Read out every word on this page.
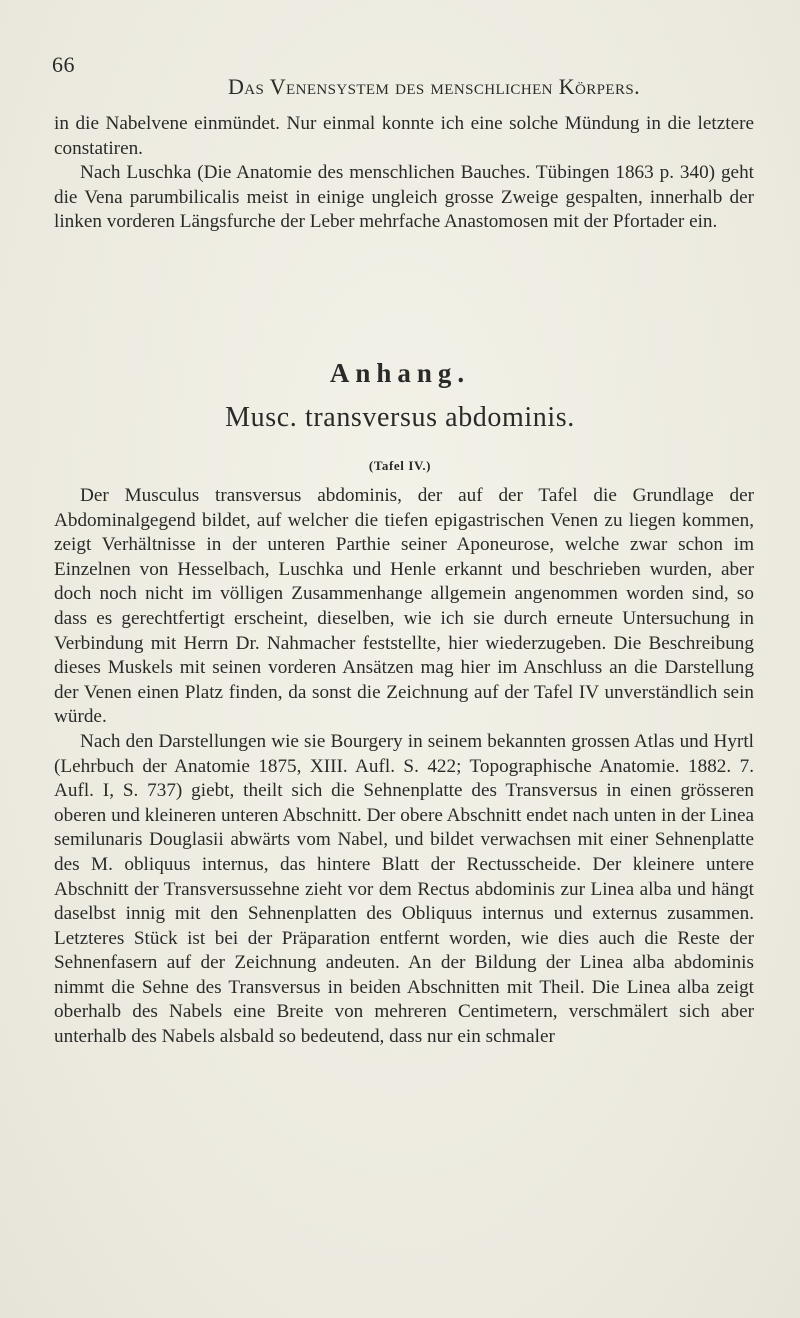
66
Das Venensystem des menschlichen Körpers.

in die Nabelvene einmündet. Nur einmal konnte ich eine solche Mündung in die letztere constatiren.

Nach Luschka (Die Anatomie des menschlichen Bauches. Tübingen 1863 p. 340) geht die Vena parumbilicalis meist in einige ungleich grosse Zweige gespalten, innerhalb der linken vorderen Längsfurche der Leber mehrfache Anastomosen mit der Pfortader ein.

Anhang.
Musc. transversus abdominis.
(Tafel IV.)

Der Musculus transversus abdominis, der auf der Tafel die Grundlage der Abdominalgegend bildet, auf welcher die tiefen epigastrischen Venen zu liegen kommen, zeigt Verhältnisse in der unteren Parthie seiner Aponeurose, welche zwar schon im Einzelnen von Hesselbach, Luschka und Henle erkannt und beschrieben wurden, aber doch noch nicht im völligen Zusammenhange allgemein angenommen worden sind, so dass es gerechtfertigt erscheint, dieselben, wie ich sie durch erneute Untersuchung in Verbindung mit Herrn Dr. Nahmacher feststellte, hier wiederzugeben. Die Beschreibung dieses Muskels mit seinen vorderen Ansätzen mag hier im Anschluss an die Darstellung der Venen einen Platz finden, da sonst die Zeichnung auf der Tafel IV unverständlich sein würde.

Nach den Darstellungen wie sie Bourgery in seinem bekannten grossen Atlas und Hyrtl (Lehrbuch der Anatomie 1875, XIII. Aufl. S. 422; Topographische Anatomie. 1882. 7. Aufl. I, S. 737) giebt, theilt sich die Sehnenplatte des Transversus in einen grösseren oberen und kleineren unteren Abschnitt. Der obere Abschnitt endet nach unten in der Linea semilunaris Douglasii abwärts vom Nabel, und bildet verwachsen mit einer Sehnenplatte des M. obliquus internus, das hintere Blatt der Rectusscheide. Der kleinere untere Abschnitt der Transversussehne zieht vor dem Rectus abdominis zur Linea alba und hängt daselbst innig mit den Sehnenplatten des Obliquus internus und externus zusammen. Letzteres Stück ist bei der Präparation entfernt worden, wie dies auch die Reste der Sehnenfasern auf der Zeichnung andeuten. An der Bildung der Linea alba abdominis nimmt die Sehne des Transversus in beiden Abschnitten mit Theil. Die Linea alba zeigt oberhalb des Nabels eine Breite von mehreren Centimetern, verschmälert sich aber unterhalb des Nabels alsbald so bedeutend, dass nur ein schmaler
